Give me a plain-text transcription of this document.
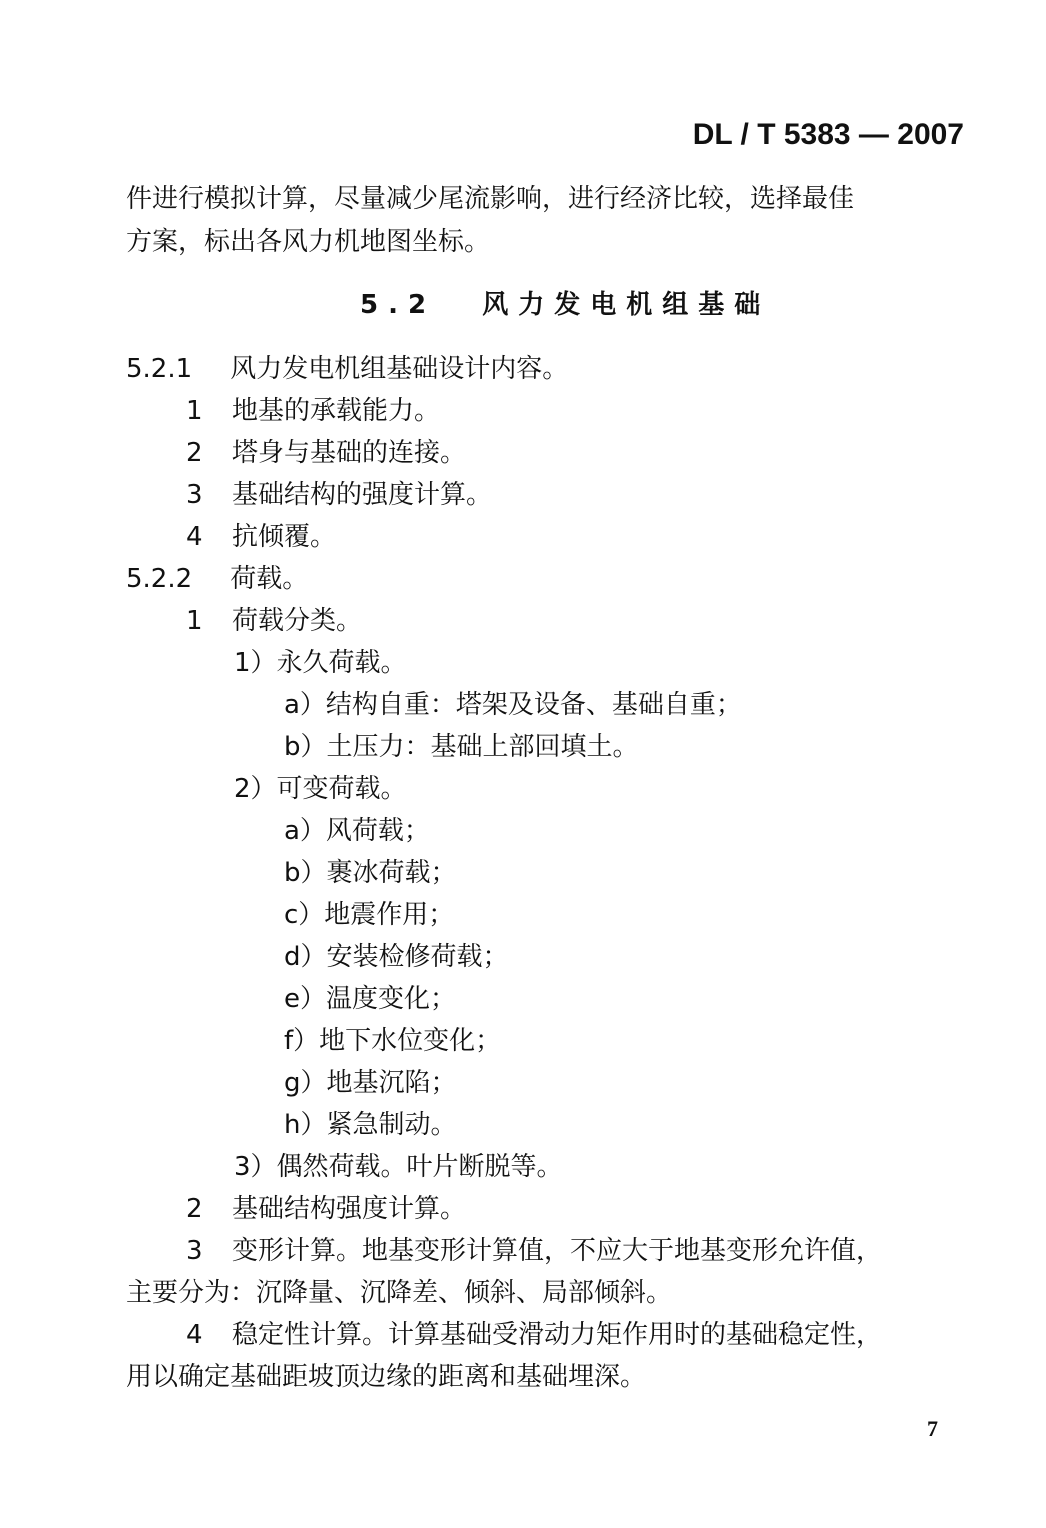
DL / T 5383 — 2007
件进行模拟计算，尽量减少尾流影响，进行经济比较，选择最佳
方案，标出各风力机地图坐标。
5.2 风力发电机组基础
5.2.1 风力发电机组基础设计内容。
1 地基的承载能力。
2 塔身与基础的连接。
3 基础结构的强度计算。
4 抗倾覆。
5.2.2 荷载。
1 荷载分类。
1）永久荷载。
a）结构自重：塔架及设备、基础自重；
b）土压力：基础上部回填土。
2）可变荷载。
a）风荷载；
b）裹冰荷载；
c）地震作用；
d）安装检修荷载；
e）温度变化；
f）地下水位变化；
g）地基沉陷；
h）紧急制动。
3）偶然荷载。叶片断脱等。
2 基础结构强度计算。
3 变形计算。地基变形计算值，不应大于地基变形允许值，
主要分为：沉降量、沉降差、倾斜、局部倾斜。
4 稳定性计算。计算基础受滑动力矩作用时的基础稳定性，
用以确定基础距坡顶边缘的距离和基础埋深。
7
